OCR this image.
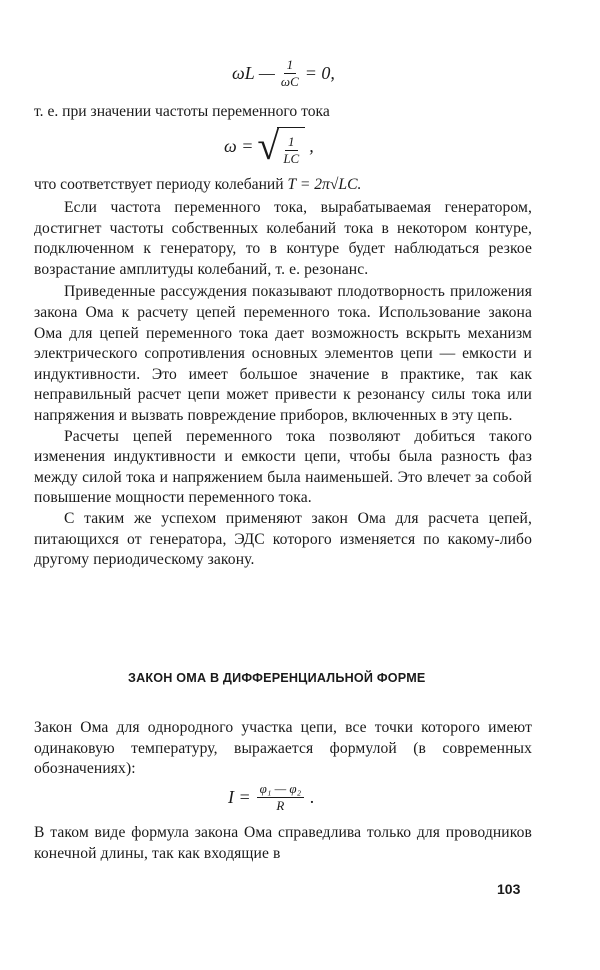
ωL — $\frac{1}{\omega C} = 0$,
т. е. при значении частоты переменного тока
ω = √ $\frac{1}{LC}$ ,
что соответствует периоду колебаний T = 2π√LC.

Если частота переменного тока, вырабатываемая генератором, достигнет частоты собственных колебаний тока в некотором контуре, подключенном к генератору, то в контуре будет наблюдаться резкое возрастание амплитуды колебаний, т. е. резонанс.

Приведенные рассуждения показывают плодотворность приложения закона Ома к расчету цепей переменного тока. Использование закона Ома для цепей переменного тока дает возможность вскрыть механизм электрического сопротивления основных элементов цепи — емкости и индуктивности. Это имеет большое значение в практике, так как неправильный расчет цепи может привести к резонансу силы тока или напряжения и вызвать повреждение приборов, включенных в эту цепь.

Расчеты цепей переменного тока позволяют добиться такого изменения индуктивности и емкости цепи, чтобы была разность фаз между силой тока и напряжением была наименьшей. Это влечет за собой повышение мощности переменного тока.

С таким же успехом применяют закон Ома для расчета цепей, питающихся от генератора, ЭДС которого изменяется по какому-либо другому периодическому закону.

ЗАКОН ОМА В ДИФФЕРЕНЦИАЛЬНОЙ ФОРМЕ

Закон Ома для однородного участка цепи, все точки которого имеют одинаковую температуру, выражается формулой (в современных обозначениях):

$I = \frac{\text{φ₁ — φ₂}}{R}$ .

В таком виде формула закона Ома справедлива только для проводников конечной длины, так как входящие в

103
